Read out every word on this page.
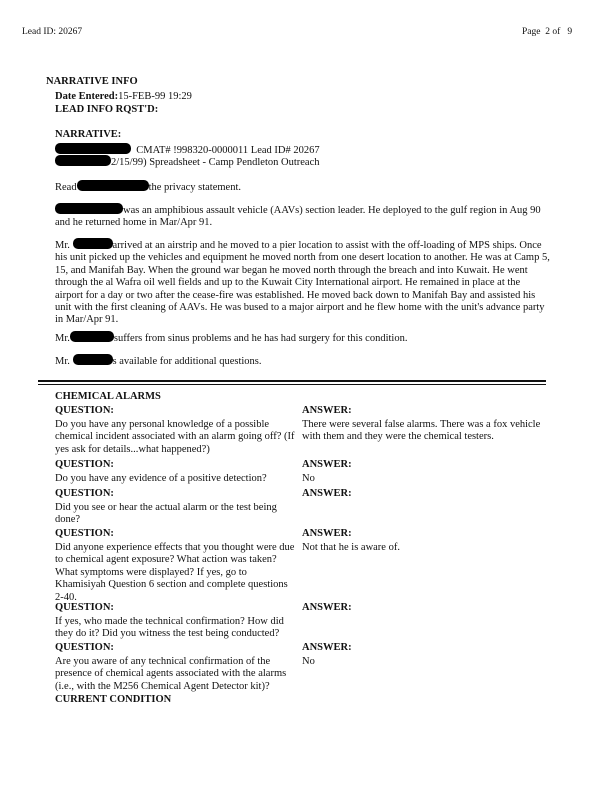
Lead ID: 20267	Page 2 of 9
NARRATIVE INFO
Date Entered:15-FEB-99 19:29
LEAD INFO RQST'D:
NARRATIVE:
CMAT# !998320-0000011 Lead ID# 20267
2/15/99) Spreadsheet - Camp Pendleton Outreach
Read	the privacy statement.
was an amphibious assault vehicle (AAVs) section leader. He deployed to the gulf region in Aug 90 and he returned home in Mar/Apr 91.
Mr.	arrived at an airstrip and he moved to a pier location to assist with the off-loading of MPS ships. Once his unit picked up the vehicles and equipment he moved north from one desert location to another. He was at Camp 5, 15, and Manifah Bay. When the ground war began he moved north through the breach and into Kuwait. He went through the al Wafra oil well fields and up to the Kuwait City International airport. He remained in place at the airport for a day or two after the cease-fire was established. He moved back down to Manifah Bay and assisted his unit with the first cleaning of AAVs. He was bused to a major airport and he flew home with the unit's advance party in Mar/Apr 91.
Mr.	suffers from sinus problems and he has had surgery for this condition.
Mr.	s available for additional questions.
CHEMICAL ALARMS
QUESTION:	ANSWER:
Do you have any personal knowledge of a possible chemical incident associated with an alarm going off? (If yes ask for details...what happened?)
There were several false alarms. There was a fox vehicle with them and they were the chemical testers.
QUESTION:	ANSWER:
Do you have any evidence of a positive detection?	No
QUESTION:	ANSWER:
Did you see or hear the actual alarm or the test being done?
QUESTION:	ANSWER:
Did anyone experience effects that you thought were due to chemical agent exposure? What action was taken? What symptoms were displayed? If yes, go to Khamisiyah Question 6 section and complete questions 2-40.
Not that he is aware of.
QUESTION:	ANSWER:
If yes, who made the technical confirmation? How did they do it? Did you witness the test being conducted?
QUESTION:	ANSWER:
Are you aware of any technical confirmation of the presence of chemical agents associated with the alarms (i.e., with the M256 Chemical Agent Detector kit)?
No
CURRENT CONDITION
